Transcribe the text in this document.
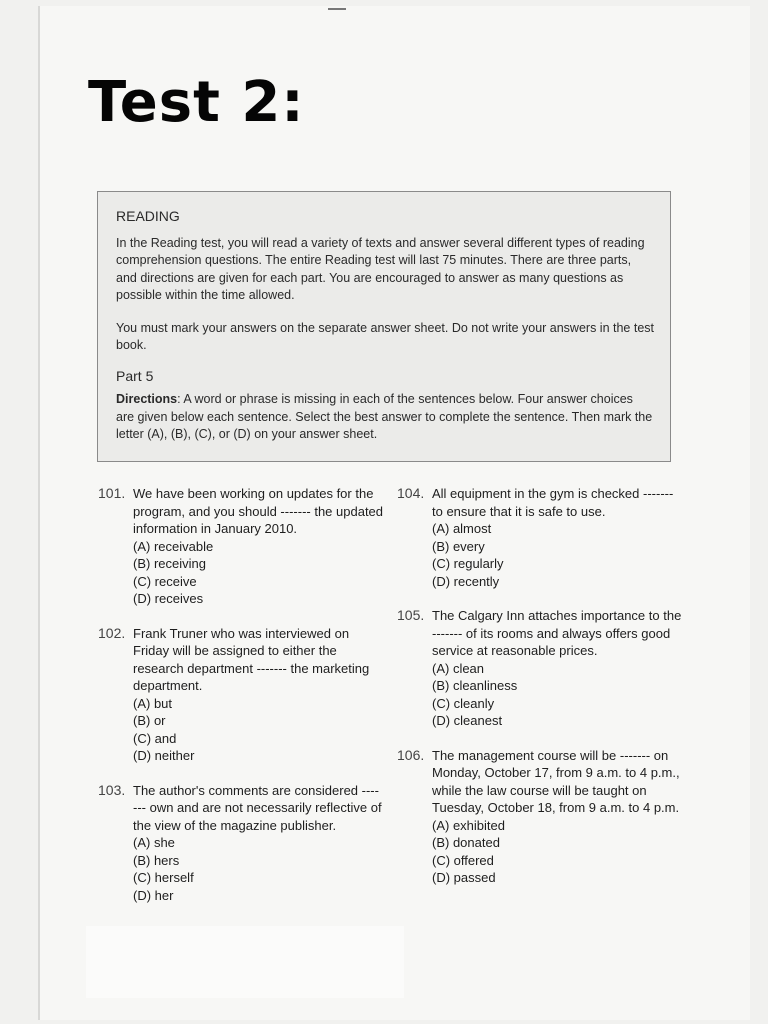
Test 2:

READING

In the Reading test, you will read a variety of texts and answer several different types of reading comprehension questions. The entire Reading test will last 75 minutes. There are three parts, and directions are given for each part. You are encouraged to answer as many questions as possible within the time allowed.

You must mark your answers on the separate answer sheet. Do not write your answers in the test book.

Part 5

Directions: A word or phrase is missing in each of the sentences below. Four answer choices are given below each sentence. Select the best answer to complete the sentence. Then mark the letter (A), (B), (C), or (D) on your answer sheet.

101. We have been working on updates for the program, and you should ------- the updated information in January 2010.
(A) receivable
(B) receiving
(C) receive
(D) receives
102. Frank Truner who was interviewed on Friday will be assigned to either the research department ------- the marketing department.
(A) but
(B) or
(C) and
(D) neither
103. The author's comments are considered ------- own and are not necessarily reflective of the view of the magazine publisher.
(A) she
(B) hers
(C) herself
(D) her
104. All equipment in the gym is checked ------- to ensure that it is safe to use.
(A) almost
(B) every
(C) regularly
(D) recently
105. The Calgary Inn attaches importance to the ------- of its rooms and always offers good service at reasonable prices.
(A) clean
(B) cleanliness
(C) cleanly
(D) cleanest
106. The management course will be ------- on Monday, October 17, from 9 a.m. to 4 p.m., while the law course will be taught on Tuesday, October 18, from 9 a.m. to 4 p.m.
(A) exhibited
(B) donated
(C) offered
(D) passed
